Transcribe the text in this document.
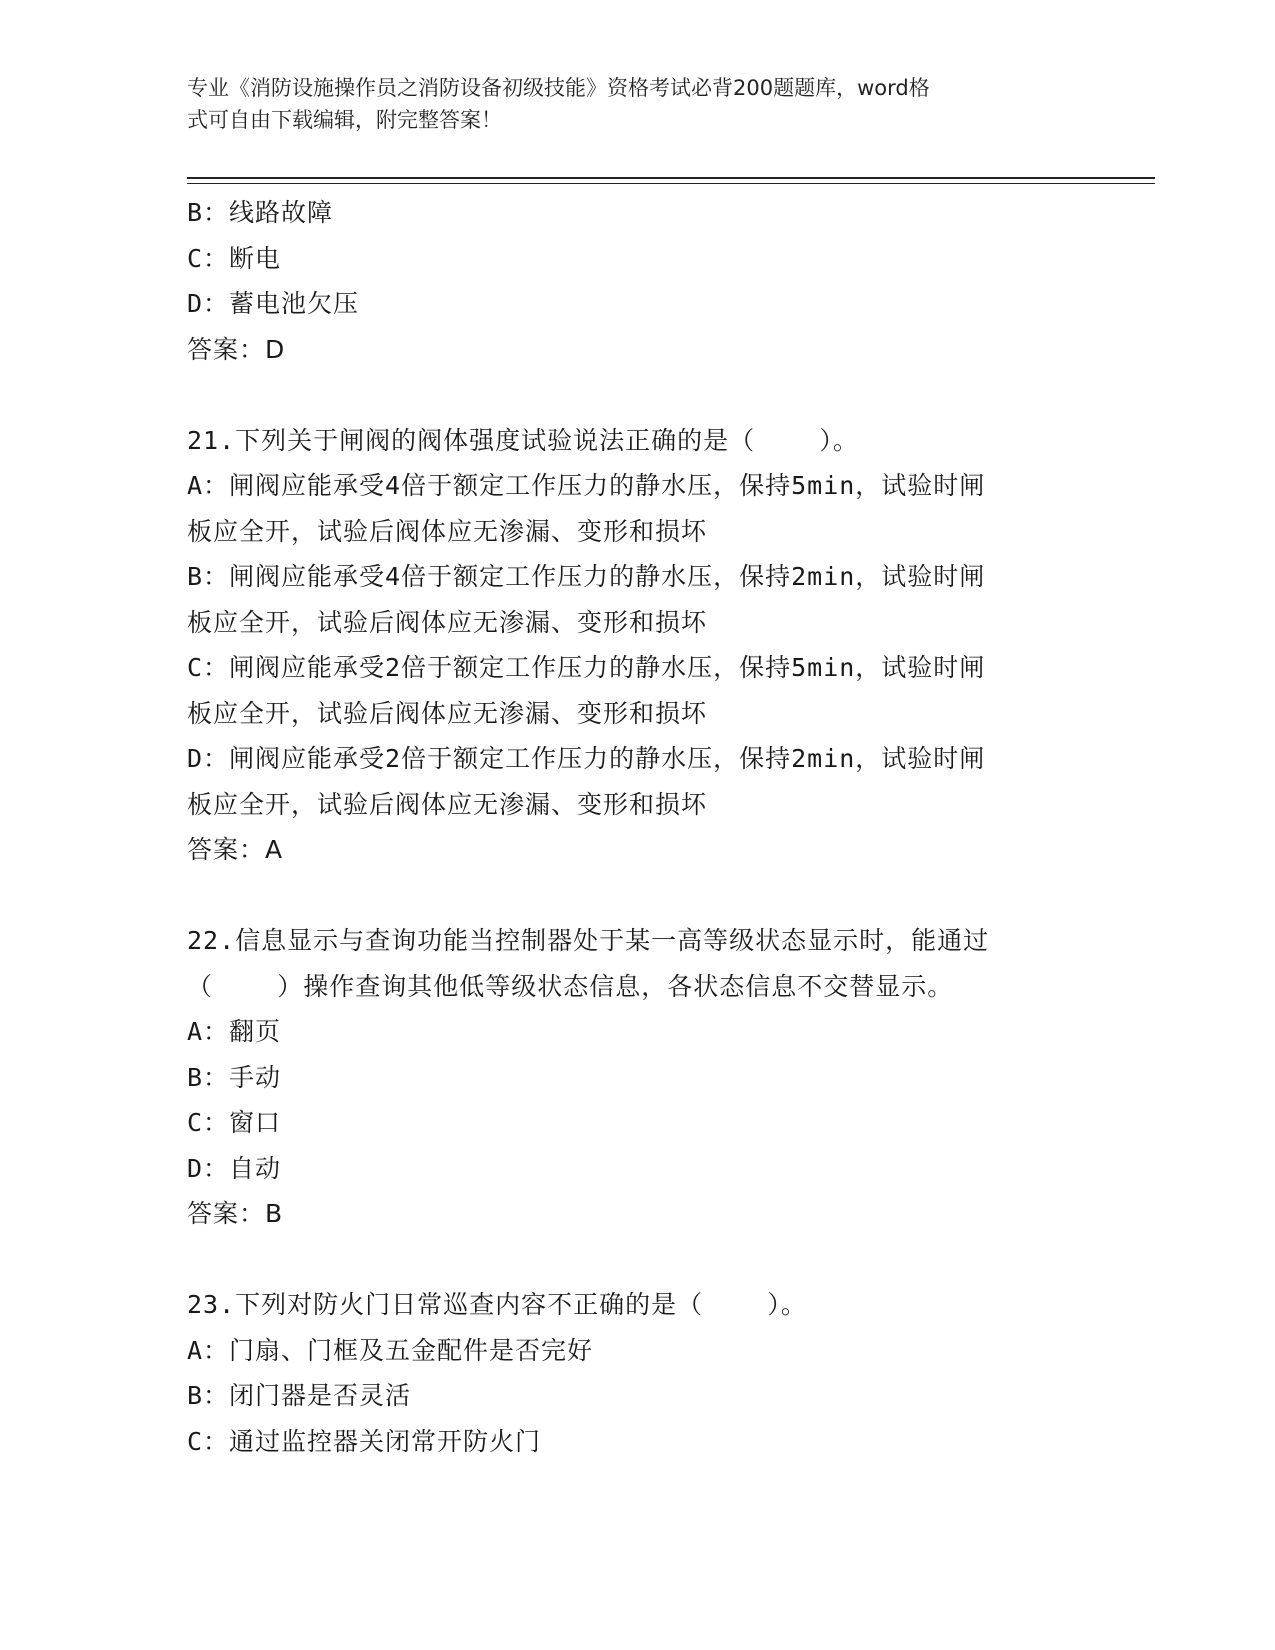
专业《消防设施操作员之消防设备初级技能》资格考试必背200题题库，word格
式可自由下载编辑，附完整答案！
B：线路故障
C：断电
D：蓄电池欠压
答案：D
21.下列关于闸阀的阀体强度试验说法正确的是（    ）。
A：闸阀应能承受4倍于额定工作压力的静水压，保持5min，试验时闸
板应全开，试验后阀体应无渗漏、变形和损坏
B：闸阀应能承受4倍于额定工作压力的静水压，保持2min，试验时闸
板应全开，试验后阀体应无渗漏、变形和损坏
C：闸阀应能承受2倍于额定工作压力的静水压，保持5min，试验时闸
板应全开，试验后阀体应无渗漏、变形和损坏
D：闸阀应能承受2倍于额定工作压力的静水压，保持2min，试验时闸
板应全开，试验后阀体应无渗漏、变形和损坏
答案：A
22.信息显示与查询功能当控制器处于某一高等级状态显示时，能通过
（    ）操作查询其他低等级状态信息，各状态信息不交替显示。
A：翻页
B：手动
C：窗口
D：自动
答案：B
23.下列对防火门日常巡查内容不正确的是（    ）。
A：门扇、门框及五金配件是否完好
B：闭门器是否灵活
C：通过监控器关闭常开防火门
